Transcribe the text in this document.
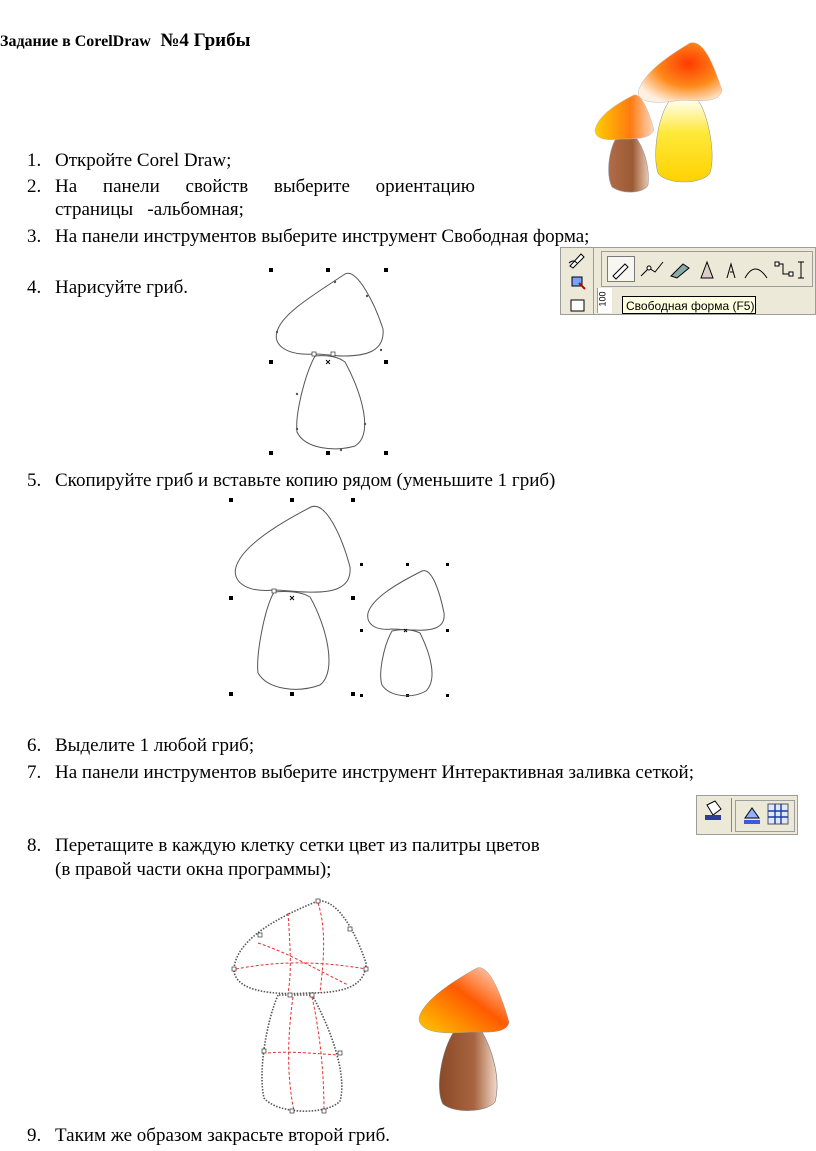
Задание в CorelDraw №4 Грибы
1. Откройте Corel Draw;
2. На панели свойств выберите ориентацию
страницы   -альбомная;
3. На панели инструментов выберите инструмент Свободная форма;
100	Свободная форма (F5)
4. Нарисуйте гриб.
5. Скопируйте гриб и вставьте копию рядом (уменьшите 1 гриб)
6. Выделите 1 любой гриб;
7. На панели инструментов выберите инструмент Интерактивная заливка сеткой;
8. Перетащите в каждую клетку сетки цвет из палитры цветов
(в правой части окна программы);
9. Таким же образом закрасьте второй гриб.
